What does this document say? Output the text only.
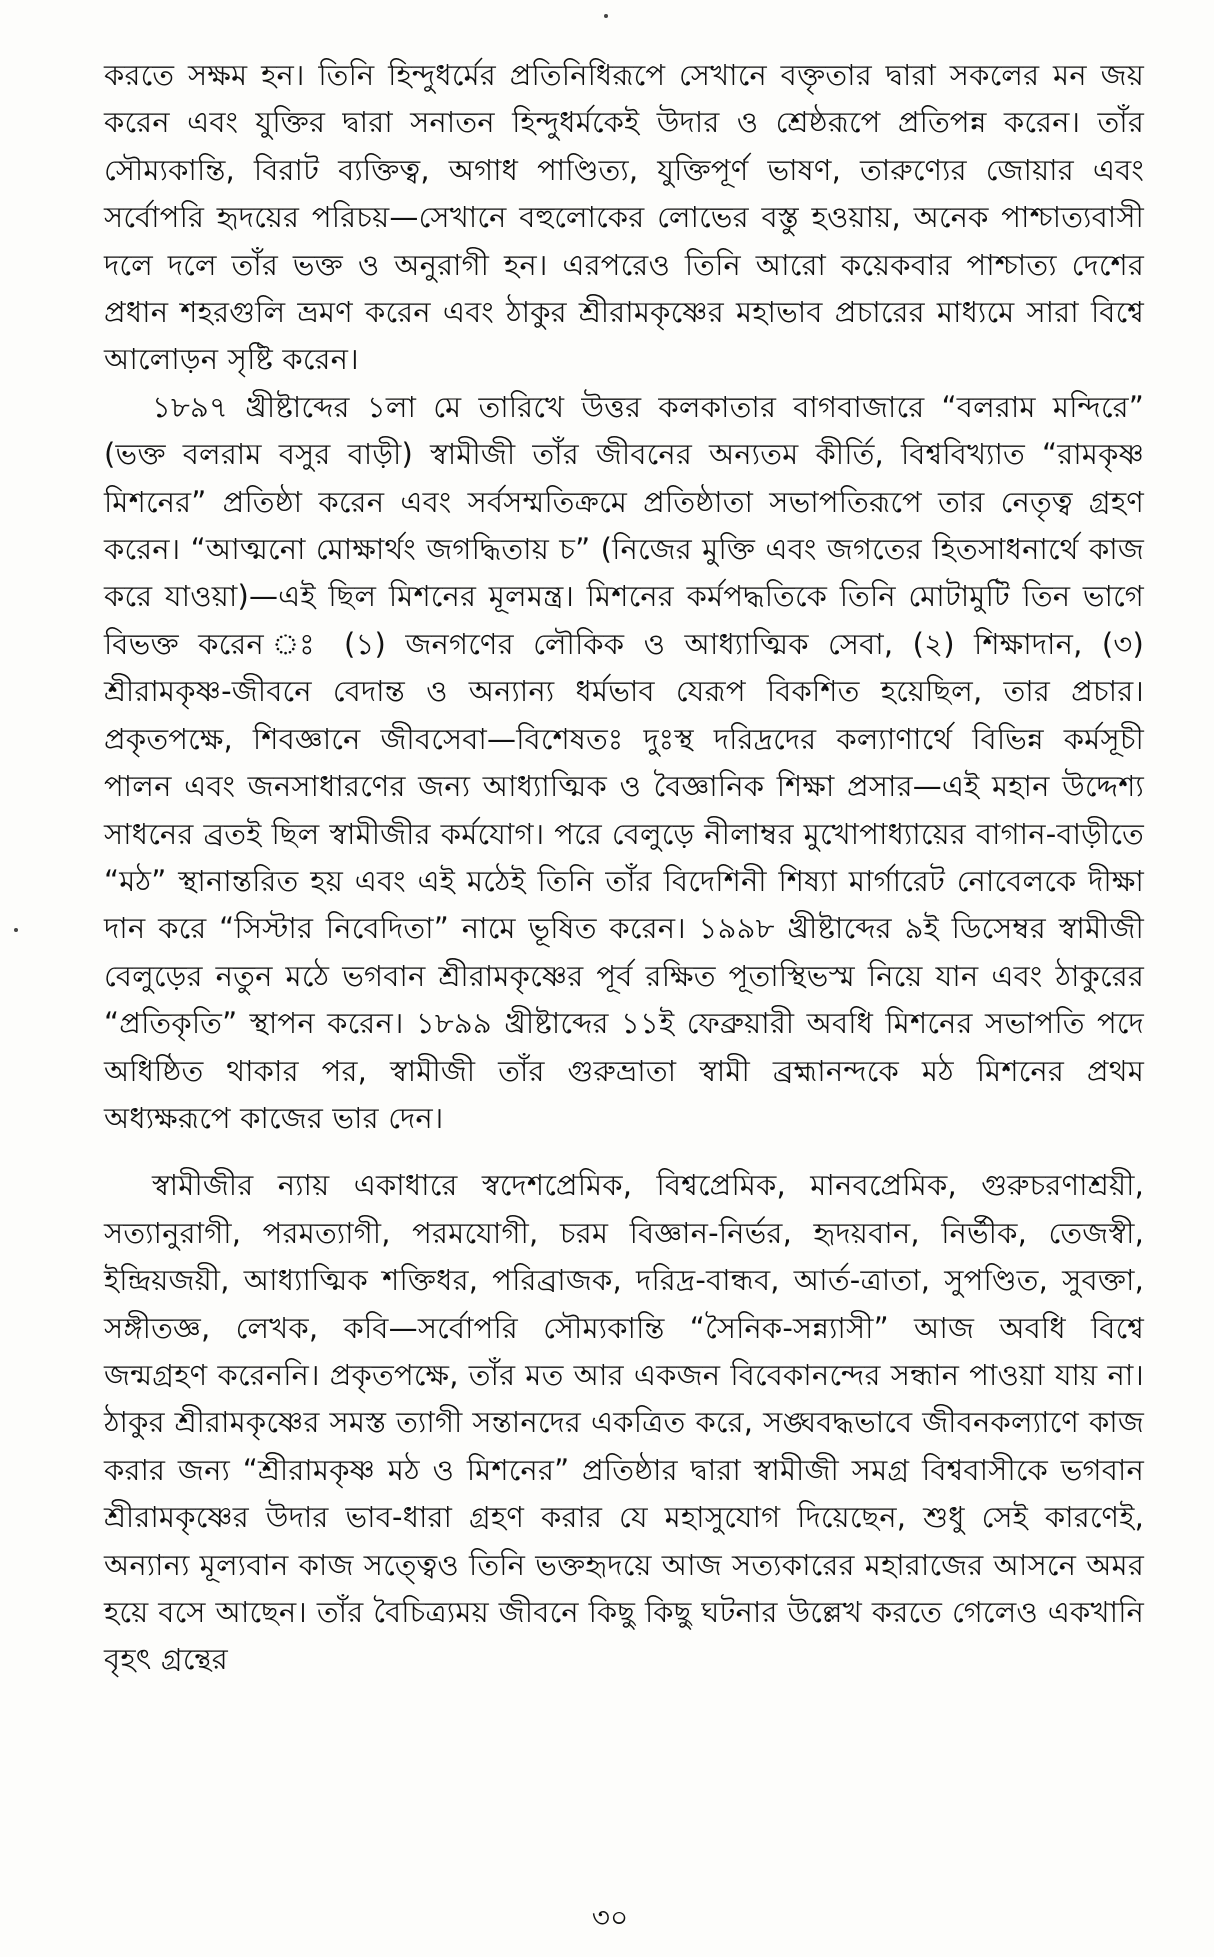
করতে সক্ষম হন। তিনি হিন্দুধর্মের প্রতিনিধিরূপে সেখানে বক্তৃতার দ্বারা সকলের মন জয় করেন এবং যুক্তির দ্বারা সনাতন হিন্দুধর্মকেই উদার ও শ্রেষ্ঠরূপে প্রতিপন্ন করেন। তাঁর সৌম্যকান্তি, বিরাট ব্যক্তিত্ব, অগাধ পাণ্ডিত্য, যুক্তিপূর্ণ ভাষণ, তারুণ্যের জোয়ার এবং সর্বোপরি হৃদয়ের পরিচয়—সেখানে বহুলোকের লোভের বস্তু হওয়ায়, অনেক পাশ্চাত্যবাসী দলে দলে তাঁর ভক্ত ও অনুরাগী হন। এরপরেও তিনি আরো কয়েকবার পাশ্চাত্য দেশের প্রধান শহরগুলি ভ্রমণ করেন এবং ঠাকুর শ্রীরামকৃষ্ণের মহাভাব প্রচারের মাধ্যমে সারা বিশ্বে আলোড়ন সৃষ্টি করেন।

১৮৯৭ খ্রীষ্টাব্দের ১লা মে তারিখে উত্তর কলকাতার বাগবাজারে “বলরাম মন্দিরে” (ভক্ত বলরাম বসুর বাড়ী) স্বামীজী তাঁর জীবনের অন্যতম কীর্তি, বিশ্ববিখ্যাত “রামকৃষ্ণ মিশনের” প্রতিষ্ঠা করেন এবং সর্বসম্মতিক্রমে প্রতিষ্ঠাতা সভাপতিরূপে তার নেতৃত্ব গ্রহণ করেন। “আত্মনো মোক্ষার্থং জগদ্ধিতায় চ” (নিজের মুক্তি এবং জগতের হিতসাধনার্থে কাজ করে যাওয়া)—এই ছিল মিশনের মূলমন্ত্র। মিশনের কর্মপদ্ধতিকে তিনি মোটামুটি তিন ভাগে বিভক্ত করেন ঃ (১) জনগণের লৌকিক ও আধ্যাত্মিক সেবা, (২) শিক্ষাদান, (৩) শ্রীরামকৃষ্ণ-জীবনে বেদান্ত ও অন্যান্য ধর্মভাব যেরূপ বিকশিত হয়েছিল, তার প্রচার। প্রকৃতপক্ষে, শিবজ্ঞানে জীবসেবা—বিশেষতঃ দুঃস্থ দরিদ্রদের কল্যাণার্থে বিভিন্ন কর্মসূচী পালন এবং জনসাধারণের জন্য আধ্যাত্মিক ও বৈজ্ঞানিক শিক্ষা প্রসার—এই মহান উদ্দেশ্য সাধনের ব্রতই ছিল স্বামীজীর কর্মযোগ। পরে বেলুড়ে নীলাম্বর মুখোপাধ্যায়ের বাগান-বাড়ীতে “মঠ” স্থানান্তরিত হয় এবং এই মঠেই তিনি তাঁর বিদেশিনী শিষ্যা মার্গারেট নোবেলকে দীক্ষা দান করে “সিস্টার নিবেদিতা” নামে ভূষিত করেন। ১৯৯৮ খ্রীষ্টাব্দের ৯ই ডিসেম্বর স্বামীজী বেলুড়ের নতুন মঠে ভগবান শ্রীরামকৃষ্ণের পূর্ব রক্ষিত পূতাস্থিভস্ম নিয়ে যান এবং ঠাকুরের “প্রতিকৃতি” স্থাপন করেন। ১৮৯৯ খ্রীষ্টাব্দের ১১ই ফেব্রুয়ারী অবধি মিশনের সভাপতি পদে অধিষ্ঠিত থাকার পর, স্বামীজী তাঁর গুরুভ্রাতা স্বামী ব্রহ্মানন্দকে মঠ মিশনের প্রথম অধ্যক্ষরূপে কাজের ভার দেন।

স্বামীজীর ন্যায় একাধারে স্বদেশপ্রেমিক, বিশ্বপ্রেমিক, মানবপ্রেমিক, গুরুচরণাশ্রয়ী, সত্যানুরাগী, পরমত্যাগী, পরমযোগী, চরম বিজ্ঞান-নির্ভর, হৃদয়বান, নির্ভীক, তেজস্বী, ইন্দ্রিয়জয়ী, আধ্যাত্মিক শক্তিধর, পরিব্রাজক, দরিদ্র-বান্ধব, আর্ত-ত্রাতা, সুপণ্ডিত, সুবক্তা, সঙ্গীতজ্ঞ, লেখক, কবি—সর্বোপরি সৌম্যকান্তি “সৈনিক-সন্ন্যাসী” আজ অবধি বিশ্বে জন্মগ্রহণ করেননি। প্রকৃতপক্ষে, তাঁর মত আর একজন বিবেকানন্দের সন্ধান পাওয়া যায় না। ঠাকুর শ্রীরামকৃষ্ণের সমস্ত ত্যাগী সন্তানদের একত্রিত করে, সঙ্ঘবদ্ধভাবে জীবনকল্যাণে কাজ করার জন্য “শ্রীরামকৃষ্ণ মঠ ও মিশনের” প্রতিষ্ঠার দ্বারা স্বামীজী সমগ্র বিশ্ববাসীকে ভগবান শ্রীরামকৃষ্ণের উদার ভাব-ধারা গ্রহণ করার যে মহাসুযোগ দিয়েছেন, শুধু সেই কারণেই, অন্যান্য মূল্যবান কাজ সত্ত্বেও তিনি ভক্তহৃদয়ে আজ সত্যকারের মহারাজের আসনে অমর হয়ে বসে আছেন। তাঁর বৈচিত্র্যময় জীবনে কিছু কিছু ঘটনার উল্লেখ করতে গেলেও একখানি বৃহৎ গ্রন্থের

৩০
